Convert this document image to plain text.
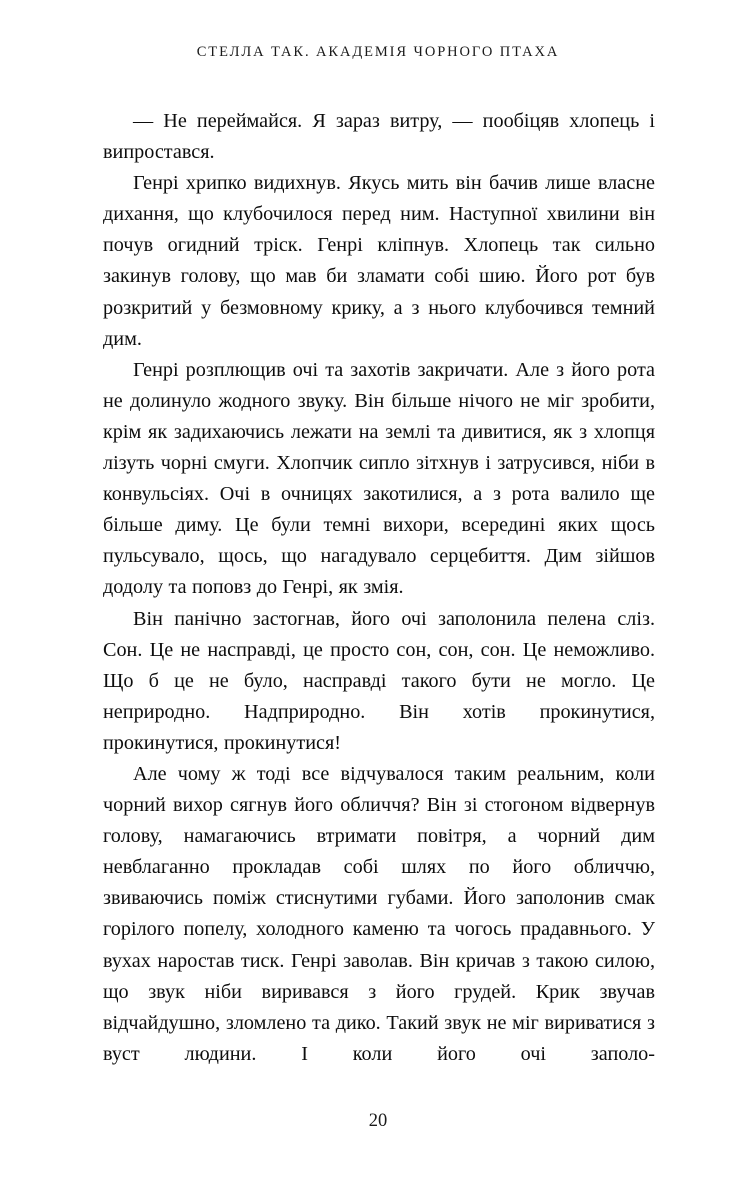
СТЕЛЛА ТАК. АКАДЕМІЯ ЧОРНОГО ПТАХА

— Не переймайся. Я зараз витру, — пообіцяв хлопець і випростався.

Генрі хрипко видихнув. Якусь мить він бачив лише власне дихання, що клубочилося перед ним. Наступної хвилини він почув огидний тріск. Генрі кліпнув. Хлопець так сильно закинув голову, що мав би зламати собі шию. Його рот був розкритий у безмовному крику, а з нього клубочився темний дим.

Генрі розплющив очі та захотів закричати. Але з його рота не долинуло жодного звуку. Він більше нічого не міг зробити, крім як задихаючись лежати на землі та дивитися, як з хлопця лізуть чорні смуги. Хлопчик сипло зітхнув і затрусився, ніби в конвульсіях. Очі в очницях закотилися, а з рота валило ще більше диму. Це були темні вихори, всередині яких щось пульсувало, щось, що нагадувало серцебиття. Дим зійшов додолу та поповз до Генрі, як змія.

Він панічно застогнав, його очі заполонила пелена сліз. Сон. Це не насправді, це просто сон, сон, сон. Це неможливо. Що б це не було, насправді такого бути не могло. Це неприродно. Надприродно. Він хотів прокинутися, прокинутися, прокинутися!

Але чому ж тоді все відчувалося таким реальним, коли чорний вихор сягнув його обличчя? Він зі стогоном відвернув голову, намагаючись втримати повітря, а чорний дим невблаганно прокладав собі шлях по його обличчю, звиваючись поміж стиснутими губами. Його заполонив смак горілого попелу, холодного каменю та чогось прадавнього. У вухах наростав тиск. Генрі заволав. Він кричав з такою силою, що звук ніби виривався з його грудей. Крик звучав відчайдушно, зломлено та дико. Такий звук не міг вириватися з вуст людини. І коли його очі заполо-

20
